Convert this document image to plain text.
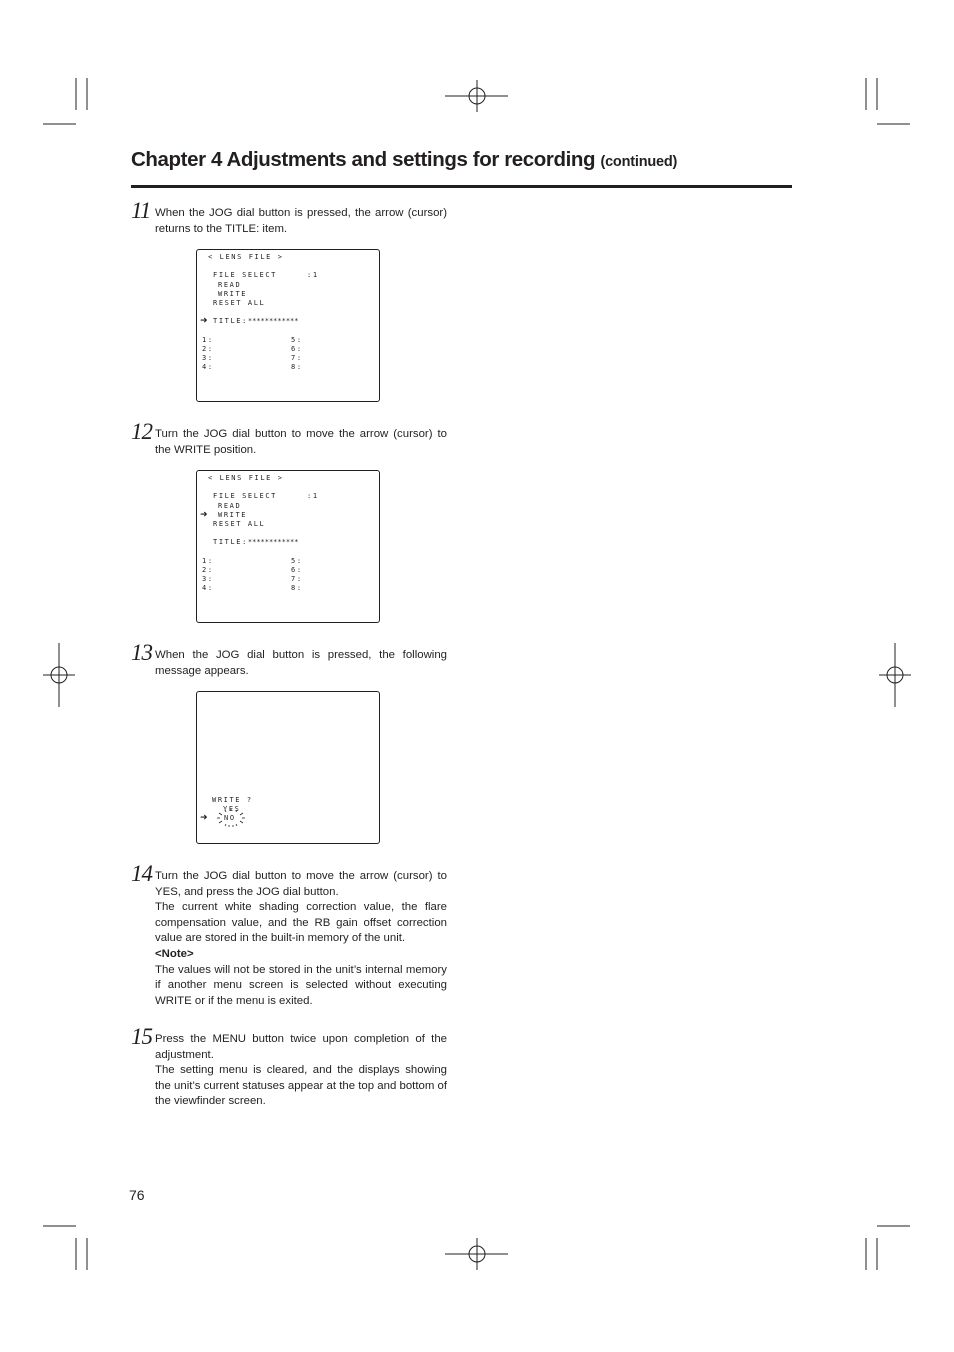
Chapter 4 Adjustments and settings for recording (continued)
11 When the JOG dial button is pressed, the arrow (cursor) returns to the TITLE: item.

< LENS FILE >
FILE SELECT	:1
READ
WRITE
RESET ALL
➜ TITLE:************
1:
2:
3:
4:
5:
6:
7:
8:
12 Turn the JOG dial button to move the arrow (cursor) to the WRITE position.

< LENS FILE >
FILE SELECT	:1
READ
➜ WRITE
RESET ALL
TITLE:************
1:
2:
3:
4:
5:
6:
7:
8:
13 When the JOG dial button is pressed, the following message appears.

WRITE ?
YES
➜ NO
14 Turn the JOG dial button to move the arrow (cursor) to YES, and press the JOG dial button.

The current white shading correction value, the flare compensation value, and the RB gain offset correction value are stored in the built-in memory of the unit.

<Note>

The values will not be stored in the unit’s internal memory if another menu screen is selected without executing WRITE or if the menu is exited.

15 Press the MENU button twice upon completion of the adjustment.

The setting menu is cleared, and the displays showing the unit’s current statuses appear at the top and bottom of the viewfinder screen.

76
